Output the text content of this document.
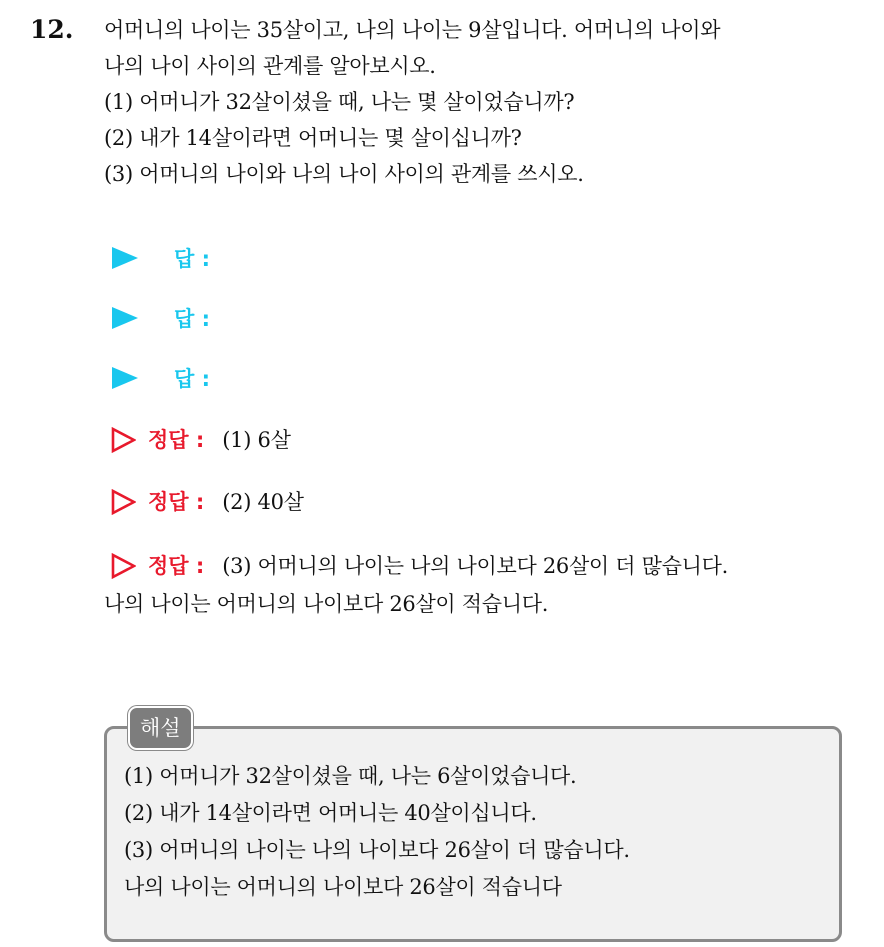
12. 어머니의 나이는 35살이고, 나의 나이는 9살입니다. 어머니의 나이와
나의 나이 사이의 관계를 알아보시오.
(1) 어머니가 32살이셨을 때, 나는 몇 살이었습니까?
(2) 내가 14살이라면 어머니는 몇 살이십니까?
(3) 어머니의 나이와 나의 나이 사이의 관계를 쓰시오.
답 :
답 :
답 :
정답 : (1) 6살
정답 : (2) 40살
정답 : (3) 어머니의 나이는 나의 나이보다 26살이 더 많습니다.
나의 나이는 어머니의 나이보다 26살이 적습니다.
해설
(1) 어머니가 32살이셨을 때, 나는 6살이었습니다.
(2) 내가 14살이라면 어머니는 40살이십니다.
(3) 어머니의 나이는 나의 나이보다 26살이 더 많습니다.
나의 나이는 어머니의 나이보다 26살이 적습니다
